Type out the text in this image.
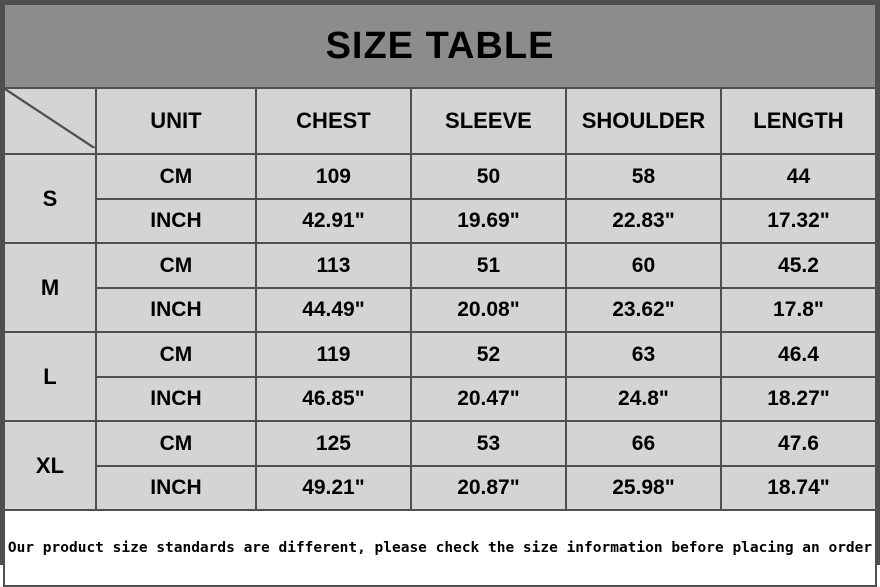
SIZE TABLE					

	UNIT	CHEST	SLEEVE	SHOULDER	LENGTH
S	CM	109	50	58	44
	INCH	42.91"	19.69"	22.83"	17.32"
M	CM	113	51	60	45.2
	INCH	44.49"	20.08"	23.62"	17.8"
L	CM	119	52	63	46.4
	INCH	46.85"	20.47"	24.8"	18.27"
XL	CM	125	53	66	47.6
	INCH	49.21"	20.87"	25.98"	18.74"
Our product size standards are different, please check the size information before placing an order					
